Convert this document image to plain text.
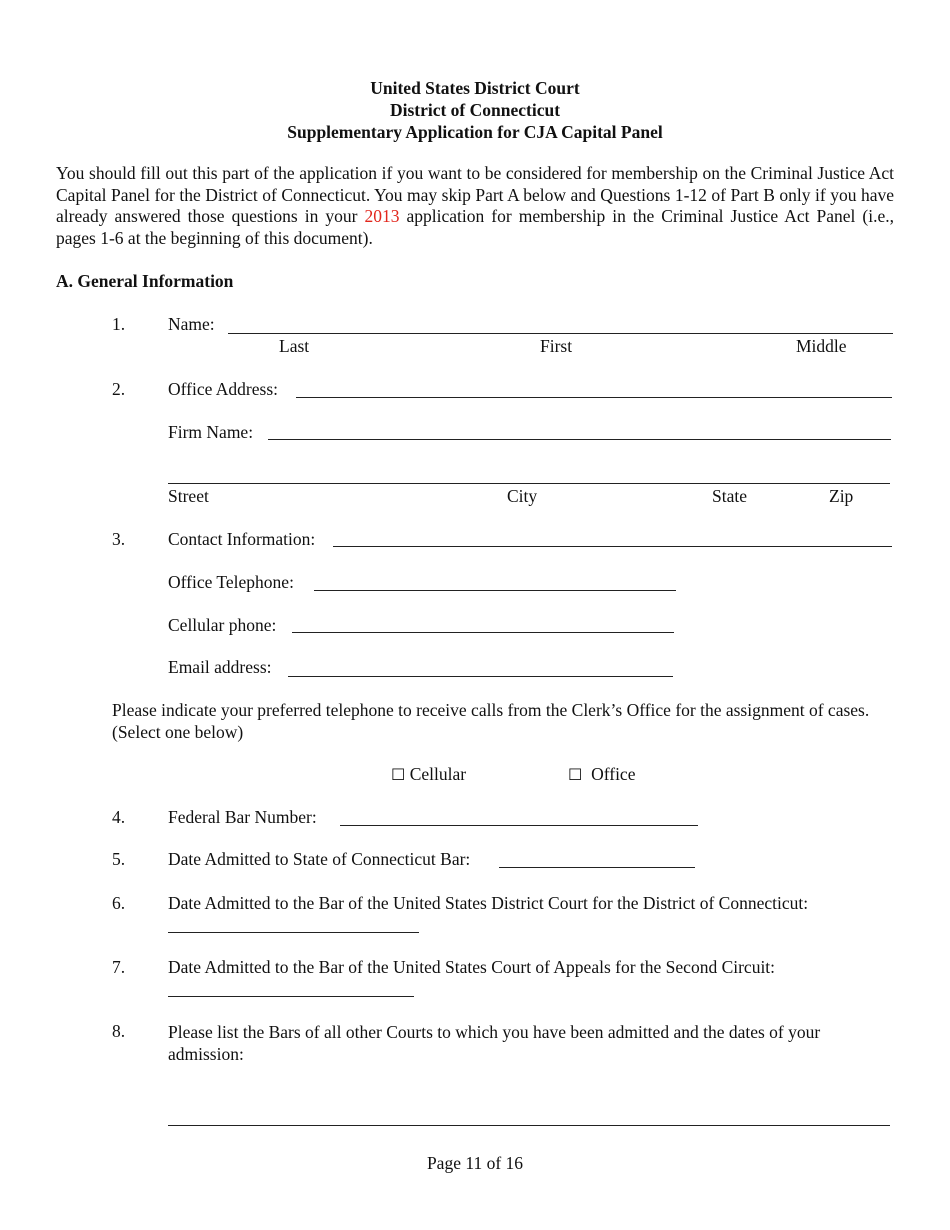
United States District Court
District of Connecticut
Supplementary Application for CJA Capital Panel
You should fill out this part of the application if you want to be considered for membership on the Criminal Justice Act Capital Panel for the District of Connecticut. You may skip Part A below and Questions 1-12 of Part B only if you have already answered those questions in your 2013 application for membership in the Criminal Justice Act Panel (i.e., pages 1-6 at the beginning of this document).
A. General Information
1. Name:
Last	First	Middle
2. Office Address:
Firm Name:
Street	City	State	Zip
3. Contact Information:
Office Telephone:
Cellular phone:
Email address:
Please indicate your preferred telephone to receive calls from the Clerk’s Office for the assignment of cases. (Select one below)
☐ Cellular	☐ Office
4. Federal Bar Number:
5. Date Admitted to State of Connecticut Bar:
6. Date Admitted to the Bar of the United States District Court for the District of Connecticut:
7. Date Admitted to the Bar of the United States Court of Appeals for the Second Circuit:
8. Please list the Bars of all other Courts to which you have been admitted and the dates of your admission:
Page 11 of 16
